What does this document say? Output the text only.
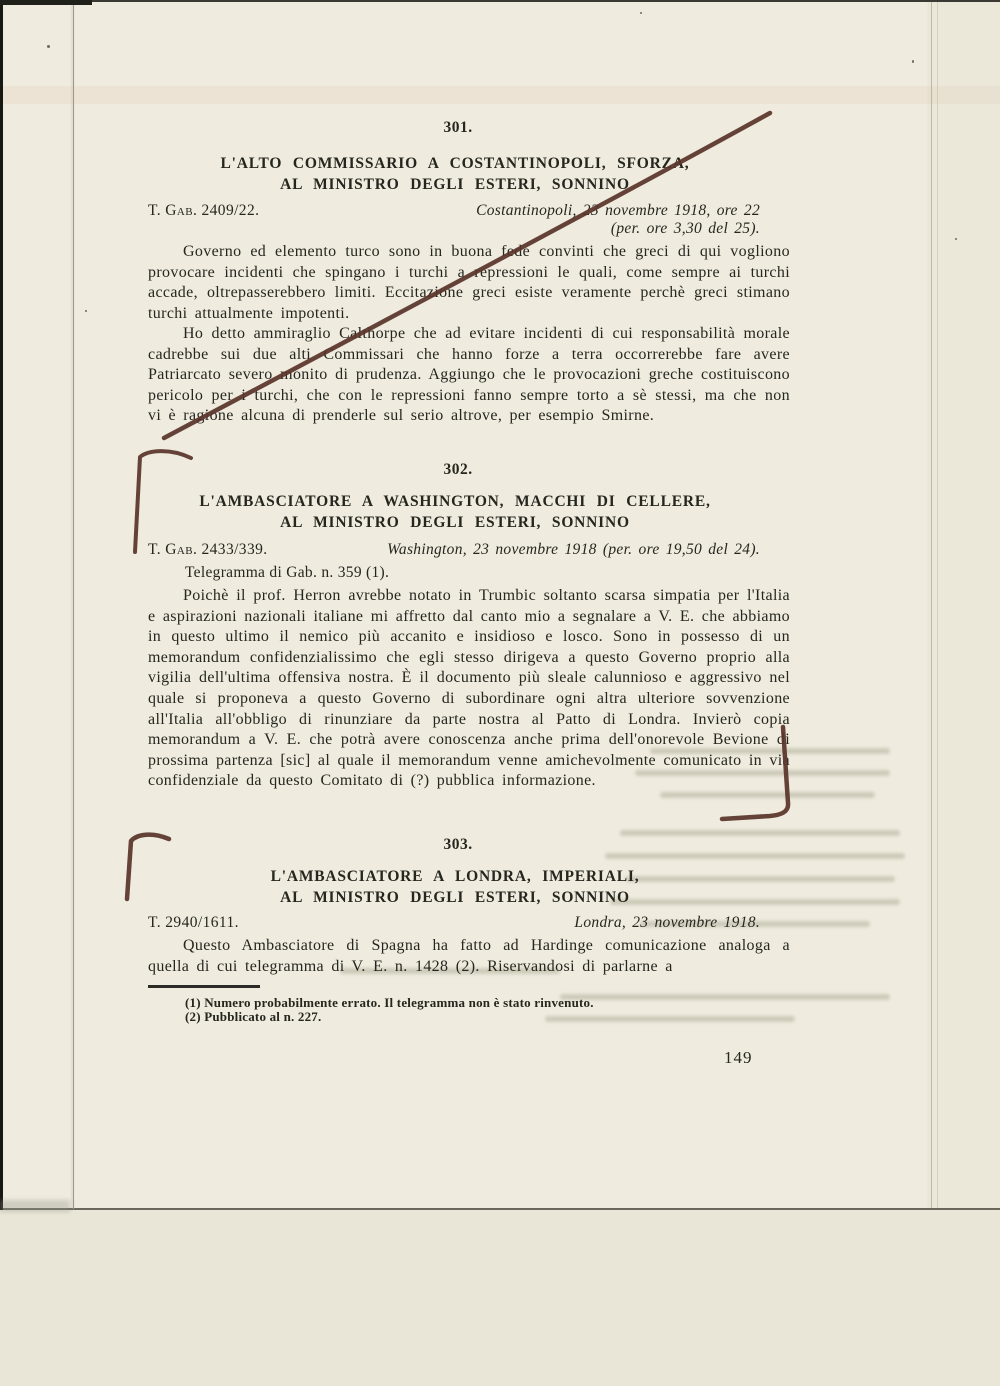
301.
L'ALTO COMMISSARIO A COSTANTINOPOLI, SFORZA,
AL MINISTRO DEGLI ESTERI, SONNINO
T. Gab. 2409/22.	Costantinopoli, 23 novembre 1918, ore 22
(per. ore 3,30 del 25).
Governo ed elemento turco sono in buona fede convinti che greci di qui vogliono provocare incidenti che spingano i turchi a repressioni le quali, come sempre ai turchi accade, oltrepasserebbero limiti. Eccitazione greci esiste veramente perchè greci stimano turchi attualmente impotenti.
Ho detto ammiraglio Calthorpe che ad evitare incidenti di cui responsabilità morale cadrebbe sui due alti Commissari che hanno forze a terra occorrerebbe fare avere Patriarcato severo monito di prudenza. Aggiungo che le provocazioni greche costituiscono pericolo per i turchi, che con le repressioni fanno sempre torto a sè stessi, ma che non vi è ragione alcuna di prenderle sul serio altrove, per esempio Smirne.
302.
L'AMBASCIATORE A WASHINGTON, MACCHI DI CELLERE,
AL MINISTRO DEGLI ESTERI, SONNINO
T. Gab. 2433/339.	Washington, 23 novembre 1918 (per. ore 19,50 del 24).
Telegramma di Gab. n. 359 (1).
Poichè il prof. Herron avrebbe notato in Trumbic soltanto scarsa simpatia per l'Italia e aspirazioni nazionali italiane mi affretto dal canto mio a segnalare a V. E. che abbiamo in questo ultimo il nemico più accanito e insidioso e losco. Sono in possesso di un memorandum confidenzialissimo che egli stesso dirigeva a questo Governo proprio alla vigilia dell'ultima offensiva nostra. È il documento più sleale calunnioso e aggressivo nel quale si proponeva a questo Governo di subordinare ogni altra ulteriore sovvenzione all'Italia all'obbligo di rinunziare da parte nostra al Patto di Londra. Invierò copia memorandum a V. E. che potrà avere conoscenza anche prima dell'onorevole Bevione di prossima partenza [sic] al quale il memorandum venne amichevolmente comunicato in via confidenziale da questo Comitato di (?) pubblica informazione.
303.
L'AMBASCIATORE A LONDRA, IMPERIALI,
AL MINISTRO DEGLI ESTERI, SONNINO
T. 2940/1611.	Londra, 23 novembre 1918.
Questo Ambasciatore di Spagna ha fatto ad Hardinge comunicazione analoga a quella di cui telegramma di V. E. n. 1428 (2). Riservandosi di parlarne a
(1) Numero probabilmente errato. Il telegramma non è stato rinvenuto.
(2) Pubblicato al n. 227.
149
